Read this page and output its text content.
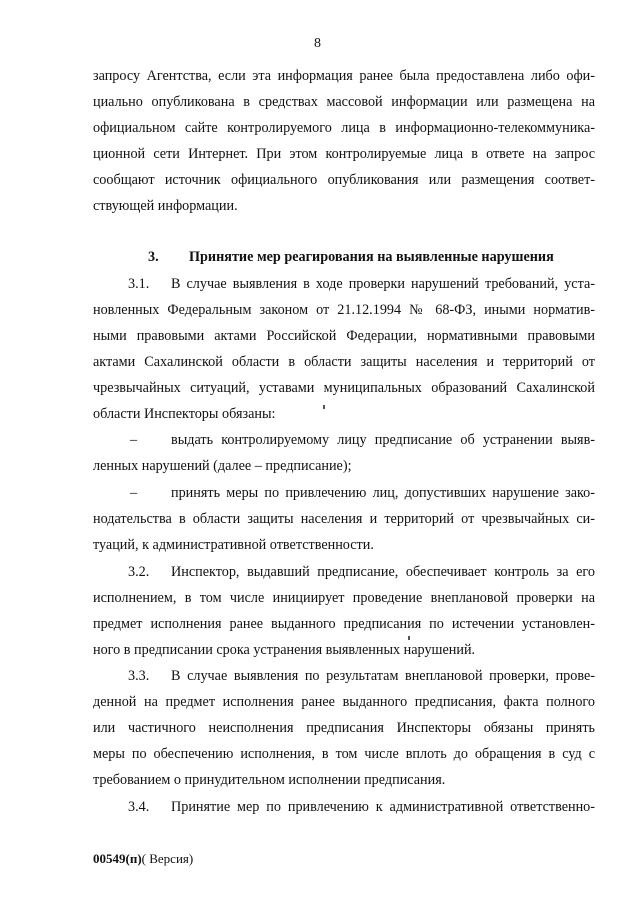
8
запросу Агентства, если эта информация ранее была предоставлена либо офи-
циально опубликована в средствах массовой информации или размещена на
официальном сайте контролируемого лица в информационно-телекоммуника-
ционной сети Интернет. При этом контролируемые лица в ответе на запрос
сообщают источник официального опубликования или размещения соответ-
ствующей информации.
3. Принятие мер реагирования на выявленные нарушения
3.1. В случае выявления в ходе проверки нарушений требований, уста-
новленных Федеральным законом от 21.12.1994 № 68-ФЗ, иными норматив-
ными правовыми актами Российской Федерации, нормативными правовыми
актами Сахалинской области в области защиты населения и территорий от
чрезвычайных ситуаций, уставами муниципальных образований Сахалинской
области Инспекторы обязаны:
– выдать контролируемому лицу предписание об устранении выяв-
ленных нарушений (далее – предписание);
– принять меры по привлечению лиц, допустивших нарушение зако-
нодательства в области защиты населения и территорий от чрезвычайных си-
туаций, к административной ответственности.
3.2. Инспектор, выдавший предписание, обеспечивает контроль за его
исполнением, в том числе инициирует проведение внеплановой проверки на
предмет исполнения ранее выданного предписания по истечении установлен-
ного в предписании срока устранения выявленных нарушений.
3.3. В случае выявления по результатам внеплановой проверки, прове-
денной на предмет исполнения ранее выданного предписания, факта полного
или частичного неисполнения предписания Инспекторы обязаны принять
меры по обеспечению исполнения, в том числе вплоть до обращения в суд с
требованием о принудительном исполнении предписания.
3.4. Принятие мер по привлечению к административной ответственно-
00549(п)( Версия)
